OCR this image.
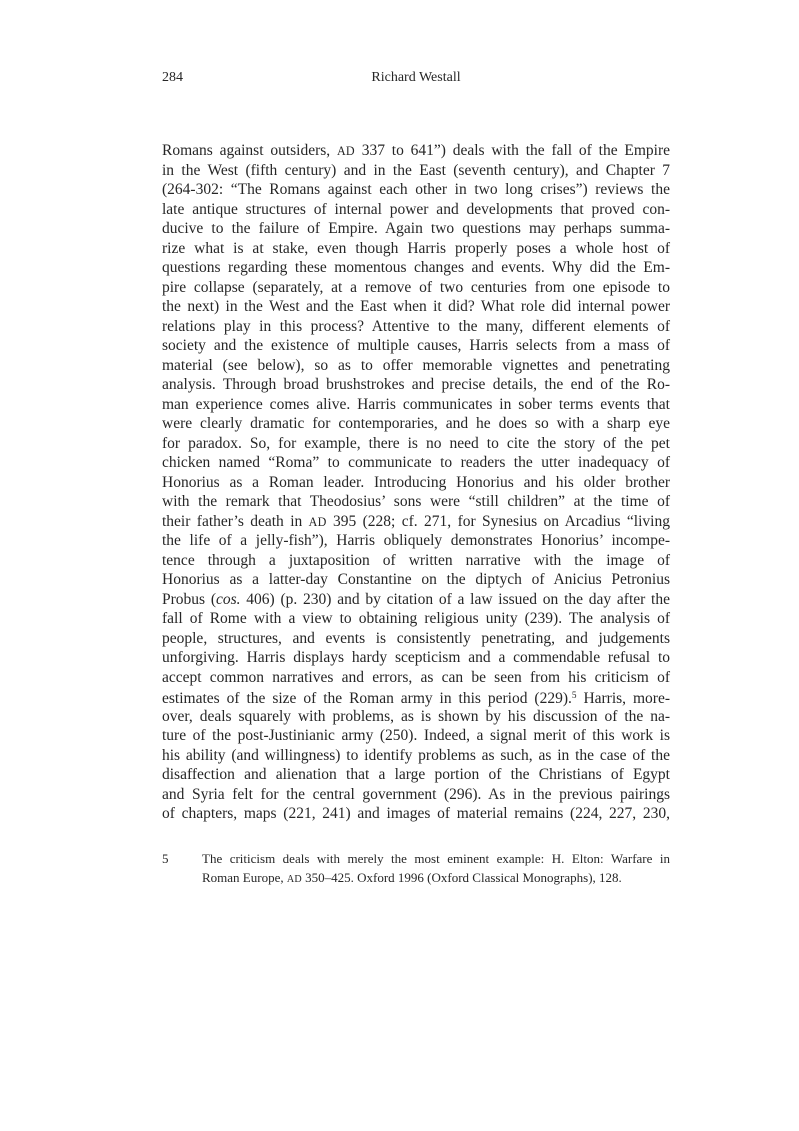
284	Richard Westall
Romans against outsiders, AD 337 to 641”) deals with the fall of the Empire
in the West (fifth century) and in the East (seventh century), and Chapter 7
(264-302: “The Romans against each other in two long crises”) reviews the
late antique structures of internal power and developments that proved con-
ducive to the failure of Empire. Again two questions may perhaps summa-
rize what is at stake, even though Harris properly poses a whole host of
questions regarding these momentous changes and events. Why did the Em-
pire collapse (separately, at a remove of two centuries from one episode to
the next) in the West and the East when it did? What role did internal power
relations play in this process? Attentive to the many, different elements of
society and the existence of multiple causes, Harris selects from a mass of
material (see below), so as to offer memorable vignettes and penetrating
analysis. Through broad brushstrokes and precise details, the end of the Ro-
man experience comes alive. Harris communicates in sober terms events that
were clearly dramatic for contemporaries, and he does so with a sharp eye
for paradox. So, for example, there is no need to cite the story of the pet
chicken named “Roma” to communicate to readers the utter inadequacy of
Honorius as a Roman leader. Introducing Honorius and his older brother
with the remark that Theodosius’ sons were “still children” at the time of
their father’s death in AD 395 (228; cf. 271, for Synesius on Arcadius “living
the life of a jelly-fish”), Harris obliquely demonstrates Honorius’ incompe-
tence through a juxtaposition of written narrative with the image of
Honorius as a latter-day Constantine on the diptych of Anicius Petronius
Probus (cos. 406) (p. 230) and by citation of a law issued on the day after the
fall of Rome with a view to obtaining religious unity (239). The analysis of
people, structures, and events is consistently penetrating, and judgements
unforgiving. Harris displays hardy scepticism and a commendable refusal to
accept common narratives and errors, as can be seen from his criticism of
estimates of the size of the Roman army in this period (229).$^5$ Harris, more-
over, deals squarely with problems, as is shown by his discussion of the na-
ture of the post-Justinianic army (250). Indeed, a signal merit of this work is
his ability (and willingness) to identify problems as such, as in the case of the
disaffection and alienation that a large portion of the Christians of Egypt
and Syria felt for the central government (296). As in the previous pairings
of chapters, maps (221, 241) and images of material remains (224, 227, 230,
5	The criticism deals with merely the most eminent example: H. Elton: Warfare in
Roman Europe, AD 350–425. Oxford 1996 (Oxford Classical Monographs), 128.
